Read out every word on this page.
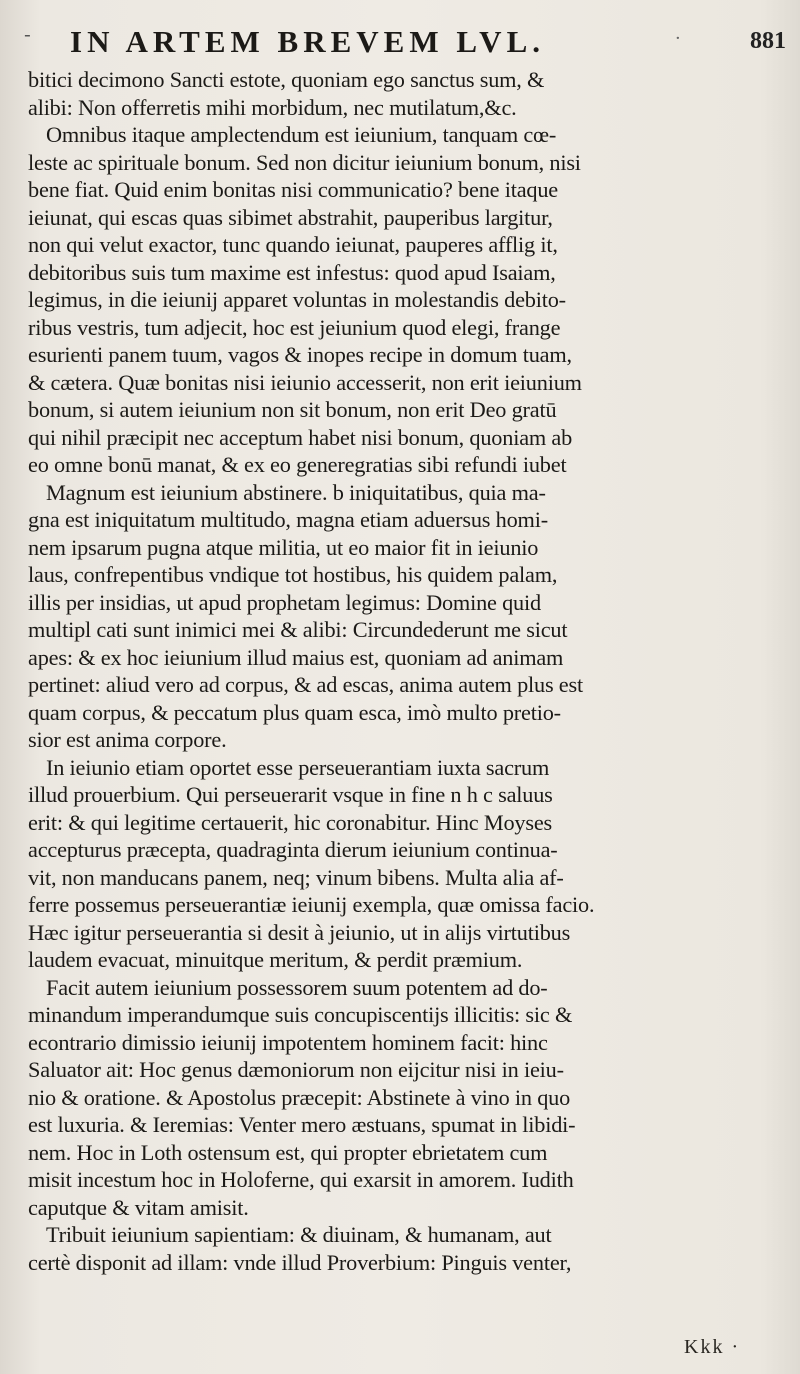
- IN ARTEM BREVEM LVL.	·	881
bitici decimono Sancti estote, quoniam ego sanctus sum, &
alibi: Non offerretis mihi morbidum, nec mutilatum,&c.
Omnibus itaque amplectendum est ieiunium, tanquam cœ-
leste ac spirituale bonum. Sed non dicitur ieiunium bonum, nisi
bene fiat. Quid enim bonitas nisi communicatio? bene itaque
ieiunat, qui escas quas sibimet abstrahit, pauperibus largitur,
non qui velut exactor, tunc quando ieiunat, pauperes afflig it,
debitoribus suis tum maxime est infestus: quod apud Isaiam,
legimus, in die ieiunij apparet voluntas in molestandis debito-
ribus vestris, tum adjecit, hoc est jeiunium quod elegi, frange
esurienti panem tuum, vagos & inopes recipe in domum tuam,
& cætera. Quæ bonitas nisi ieiunio accesserit, non erit ieiunium
bonum, si autem ieiunium non sit bonum, non erit Deo gratū
qui nihil præcipit nec acceptum habet nisi bonum, quoniam ab
eo omne bonū manat, & ex eo generegratias sibi refundi iubet
Magnum est ieiunium abstinere. b iniquitatibus, quia ma-
gna est iniquitatum multitudo, magna etiam aduersus homi-
nem ipsarum pugna atque militia, ut eo maior fit in ieiunio
laus, confrepentibus vndique tot hostibus, his quidem palam,
illis per insidias, ut apud prophetam legimus: Domine quid
multipl cati sunt inimici mei & alibi: Circundederunt me sicut
apes: & ex hoc ieiunium illud maius est, quoniam ad animam
pertinet: aliud vero ad corpus, & ad escas, anima autem plus est
quam corpus, & peccatum plus quam esca, imò multo pretio-
sior est anima corpore.
In ieiunio etiam oportet esse perseuerantiam iuxta sacrum
illud prouerbium. Qui perseuerarit vsque in fine n h c saluus
erit: & qui legitime certauerit, hic coronabitur. Hinc Moyses
accepturus præcepta, quadraginta dierum ieiunium continua-
vit, non manducans panem, neq; vinum bibens. Multa alia af-
ferre possemus perseuerantiæ ieiunij exempla, quæ omissa facio.
Hæc igitur perseuerantia si desit à jeiunio, ut in alijs virtutibus
laudem evacuat, minuitque meritum, & perdit præmium.
Facit autem ieiunium possessorem suum potentem ad do-
minandum imperandumque suis concupiscentijs illicitis: sic &
econtrario dimissio ieiunij impotentem hominem facit: hinc
Saluator ait: Hoc genus dæmoniorum non eijcitur nisi in ieiu-
nio & oratione. & Apostolus præcepit: Abstinete à vino in quo
est luxuria. & Ieremias: Venter mero æstuans, spumat in libidi-
nem. Hoc in Loth ostensum est, qui propter ebrietatem cum
misit incestum hoc in Holoferne, qui exarsit in amorem. Iudith
caputque & vitam amisit.
Tribuit ieiunium sapientiam: & diuinam, & humanam, aut
certè disponit ad illam: vnde illud Proverbium: Pinguis venter,
Kkk ·
